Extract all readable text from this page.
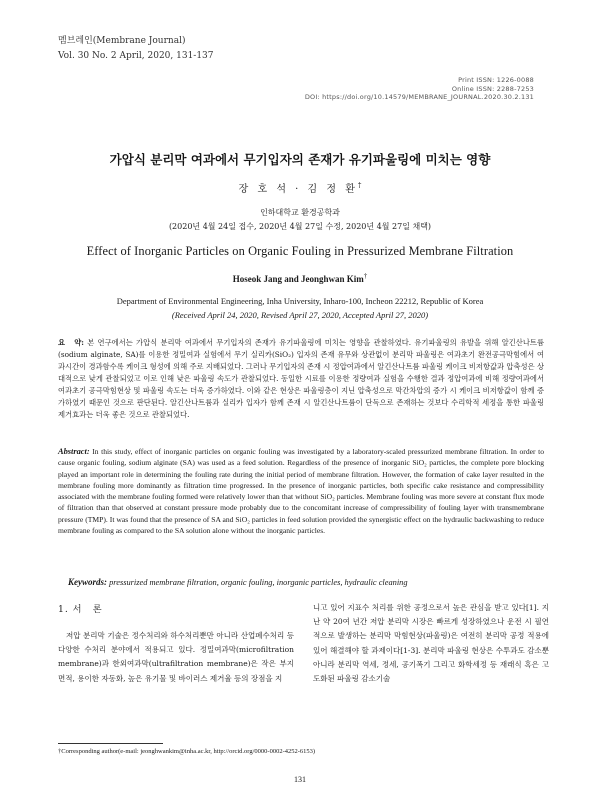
멤브레인(Membrane Journal)
Vol. 30 No. 2 April, 2020, 131-137
Print ISSN: 1226-0088
Online ISSN: 2288-7253
DOI: https://doi.org/10.14579/MEMBRANE_JOURNAL.2020.30.2.131
가압식 분리막 여과에서 무기입자의 존재가 유기파울링에 미치는 영향
장 호 석 · 김 정 환†
인하대학교 환경공학과
(2020년 4월 24일 접수, 2020년 4월 27일 수정, 2020년 4월 27일 채택)
Effect of Inorganic Particles on Organic Fouling in Pressurized Membrane Filtration
Hoseok Jang and Jeonghwan Kim†
Department of Environmental Engineering, Inha University, Inharo-100, Incheon 22212, Republic of Korea
(Received April 24, 2020, Revised April 27, 2020, Accepted April 27, 2020)
요　약: 본 연구에서는 가압식 분리막 여과에서 무기입자의 존재가 유기파울링에 미치는 영향을 관찰하였다. 유기파울링의 유발을 위해 알긴산나트륨(sodium alginate, SA)를 이용한 정밀여과 실험에서 무기 실리카(SiO₂) 입자의 존재 유무와 상관없이 분리막 파울링은 여과초기 완전공극막힘에서 여과시간이 경과함수록 케이크 형성에 의해 주로 지배되었다. 그러나 무기입자의 존재 시 정압여과에서 알긴산나트륨 파울링 케이크 비저항값과 압축성은 상대적으로 낮게 관찰되었고 이로 인해 낮은 파울링 속도가 관찰되었다. 동일한 시료를 이용한 정량여과 실험을 수행한 결과 정압여과에 비해 정량여과에서 여과초기 공극막힘현상 및 파울링 속도는 더욱 증가하였다. 이와 같은 현상은 파울링층이 지닌 압축성으로 막간차압의 증가 시 케이크 비저항값이 함께 증가하였기 때문인 것으로 판단된다. 알긴산나트륨과 실리카 입자가 함께 존재 시 알긴산나트륨이 단독으로 존재하는 것보다 수리학적 세정을 통한 파울링 제거효과는 더욱 좋은 것으로 관찰되었다.
Abstract: In this study, effect of inorganic particles on organic fouling was investigated by a laboratory-scaled pressurized membrane filtration. In order to cause organic fouling, sodium alginate (SA) was used as a feed solution. Regardless of the presence of inorganic SiO₂ particles, the complete pore blocking played an important role in determining the fouling rate during the initial period of membrane filtration. However, the formation of cake layer resulted in the membrane fouling more dominantly as filtration time progressed. In the presence of inorganic particles, both specific cake resistance and compressibility associated with the membrane fouling formed were relatively lower than that without SiO₂ particles. Membrane fouling was more severe at constant flux mode of filtration than that observed at constant pressure mode probably due to the concomitant increase of compressibility of fouling layer with transmembrane pressure (TMP). It was found that the presence of SA and SiO₂ particles in feed solution provided the synergistic effect on the hydraulic backwashing to reduce membrane fouling as compared to the SA solution alone without the inorganic particles.
Keywords: pressurized membrane filtration, organic fouling, inorganic particles, hydraulic cleaning
1. 서　론
저압 분리막 기술은 정수처리와 하수처리뿐만 아니라 산업폐수처리 등 다양한 수처리 분야에서 적용되고 있다. 정밀여과막(microfiltration membrane)과 한외여과막(ultrafiltration membrane)은 작은 부지면적, 용이한 자동화, 높은 유기물 및 바이러스 제거율 등의 장점을 지
니고 있어 지표수 처리를 위한 공정으로서 높은 관심을 받고 있다[1]. 지난 약 20여 년간 저압 분리막 시장은 빠르게 성장하였으나 운전 시 필연적으로 발생하는 분리막 막힘현상(파울링)은 여전히 분리막 공정 적용에 있어 해결해야 할 과제이다[1-3]. 분리막 파울링 현상은 수투과도 감소뿐 아니라 분리막 역세, 정세, 공기폭기 그리고 화학세정 등 재래식 혹은 고도화된 파울링 감소기술
†Corresponding author(e-mail: jeonghwankim@inha.ac.kr, http://orcid.org/0000-0002-4252-6153)
131
